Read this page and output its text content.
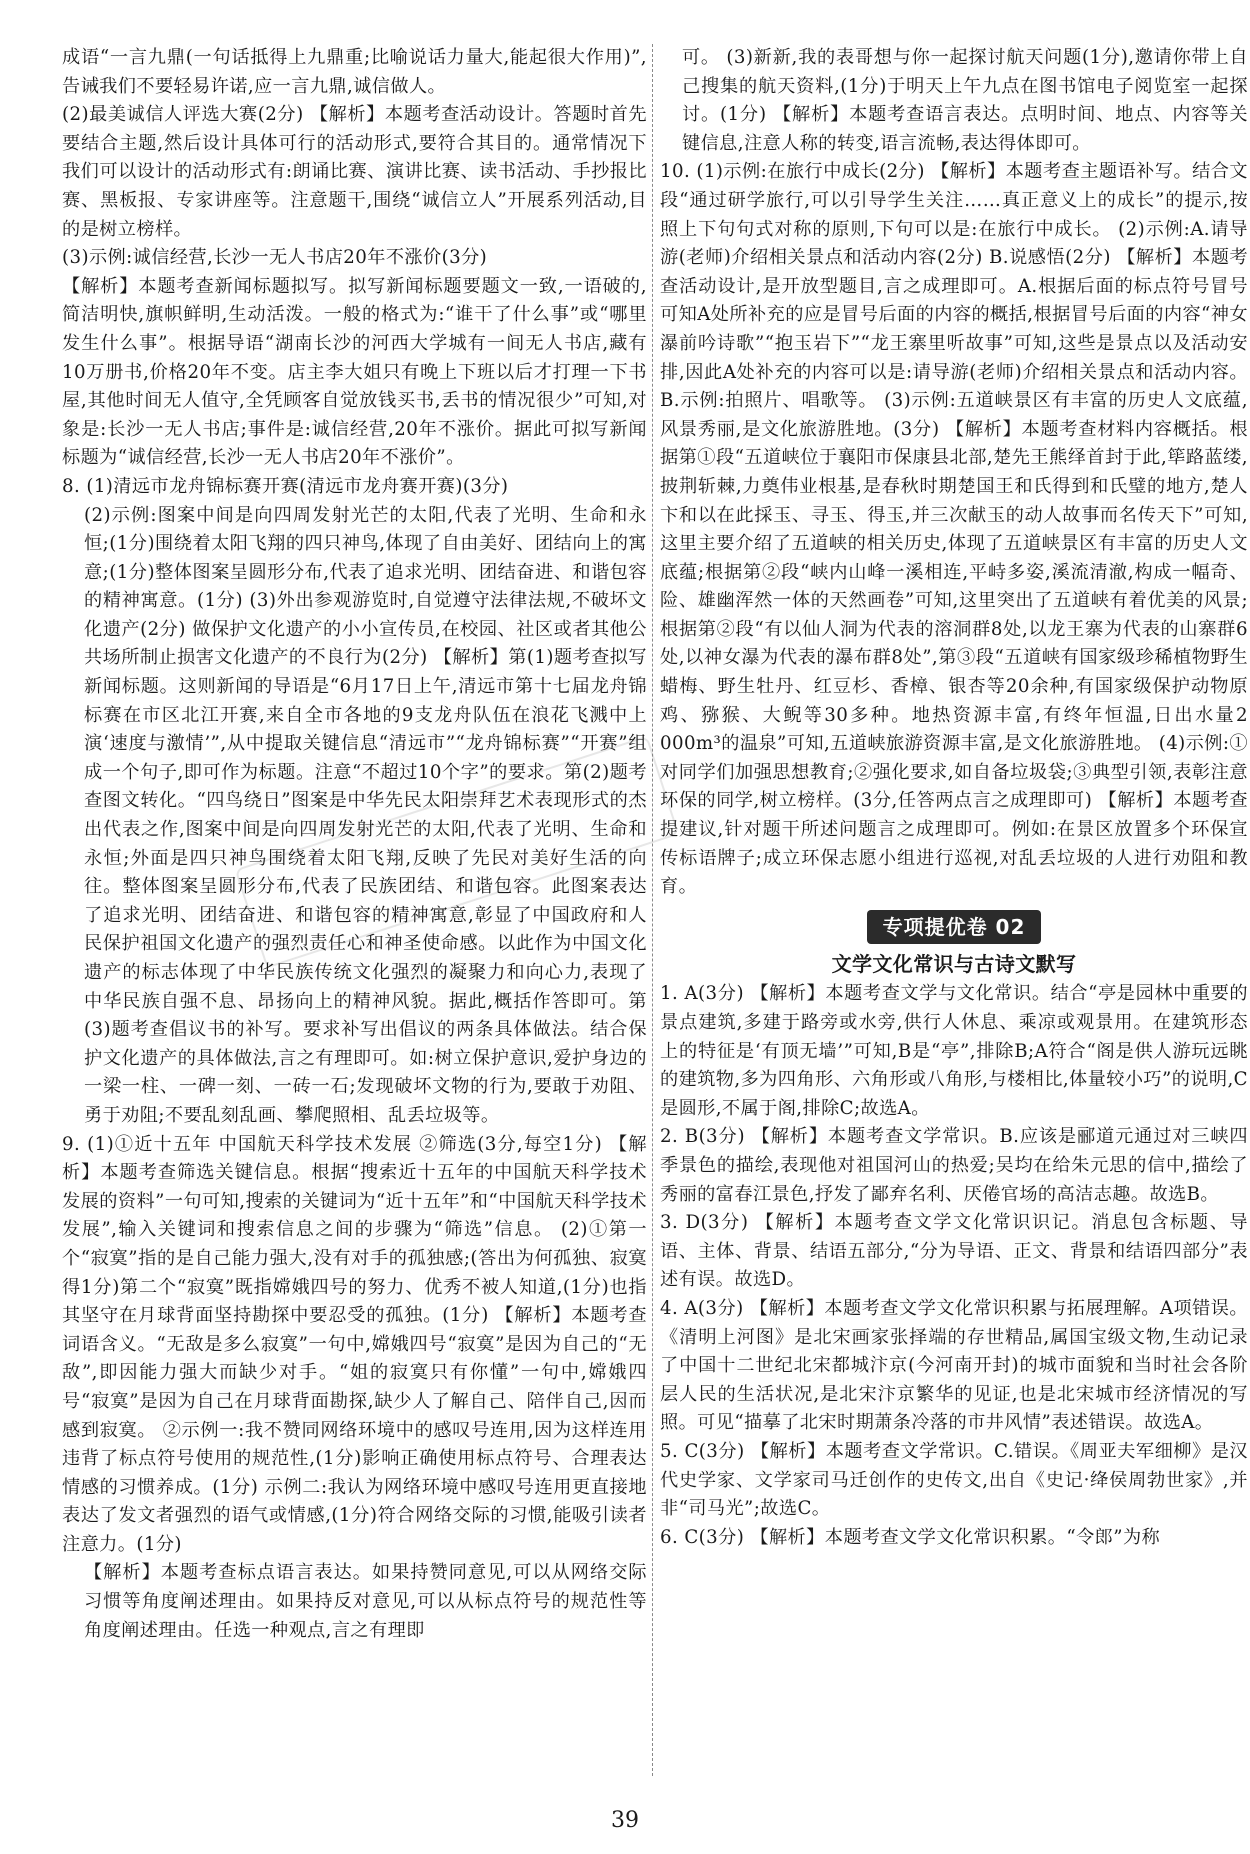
成语“一言九鼎(一句话抵得上九鼎重;比喻说话力量大,能起很大作用)”,告诫我们不要轻易许诺,应一言九鼎,诚信做人。

(2)最美诚信人评选大赛(2分) 【解析】本题考查活动设计。答题时首先要结合主题,然后设计具体可行的活动形式,要符合其目的。通常情况下我们可以设计的活动形式有:朗诵比赛、演讲比赛、读书活动、手抄报比赛、黑板报、专家讲座等。注意题干,围绕“诚信立人”开展系列活动,目的是树立榜样。

(3)示例:诚信经营,长沙一无人书店20年不涨价(3分)

【解析】本题考查新闻标题拟写。拟写新闻标题要题文一致,一语破的,简洁明快,旗帜鲜明,生动活泼。一般的格式为:“谁干了什么事”或“哪里发生什么事”。根据导语“湖南长沙的河西大学城有一间无人书店,藏有10万册书,价格20年不变。店主李大姐只有晚上下班以后才打理一下书屋,其他时间无人值守,全凭顾客自觉放钱买书,丢书的情况很少”可知,对象是:长沙一无人书店;事件是:诚信经营,20年不涨价。据此可拟写新闻标题为“诚信经营,长沙一无人书店20年不涨价”。

8. (1)清远市龙舟锦标赛开赛(清远市龙舟赛开赛)(3分)

(2)示例:图案中间是向四周发射光芒的太阳,代表了光明、生命和永恒;(1分)围绕着太阳飞翔的四只神鸟,体现了自由美好、团结向上的寓意;(1分)整体图案呈圆形分布,代表了追求光明、团结奋进、和谐包容的精神寓意。(1分) (3)外出参观游览时,自觉遵守法律法规,不破坏文化遗产(2分) 做保护文化遗产的小小宣传员,在校园、社区或者其他公共场所制止损害文化遗产的不良行为(2分) 【解析】第(1)题考查拟写新闻标题。这则新闻的导语是“6月17日上午,清远市第十七届龙舟锦标赛在市区北江开赛,来自全市各地的9支龙舟队伍在浪花飞溅中上演‘速度与激情’”,从中提取关键信息“清远市”“龙舟锦标赛”“开赛”组成一个句子,即可作为标题。注意“不超过10个字”的要求。第(2)题考查图文转化。“四鸟绕日”图案是中华先民太阳崇拜艺术表现形式的杰出代表之作,图案中间是向四周发射光芒的太阳,代表了光明、生命和永恒;外面是四只神鸟围绕着太阳飞翔,反映了先民对美好生活的向往。整体图案呈圆形分布,代表了民族团结、和谐包容。此图案表达了追求光明、团结奋进、和谐包容的精神寓意,彰显了中国政府和人民保护祖国文化遗产的强烈责任心和神圣使命感。以此作为中国文化遗产的标志体现了中华民族传统文化强烈的凝聚力和向心力,表现了中华民族自强不息、昂扬向上的精神风貌。据此,概括作答即可。第(3)题考查倡议书的补写。要求补写出倡议的两条具体做法。结合保护文化遗产的具体做法,言之有理即可。如:树立保护意识,爱护身边的一梁一柱、一碑一刻、一砖一石;发现破坏文物的行为,要敢于劝阻、勇于劝阻;不要乱刻乱画、攀爬照相、乱丢垃圾等。

9. (1)①近十五年 中国航天科学技术发展 ②筛选(3分,每空1分) 【解析】本题考查筛选关键信息。根据“搜索近十五年的中国航天科学技术发展的资料”一句可知,搜索的关键词为“近十五年”和“中国航天科学技术发展”,输入关键词和搜索信息之间的步骤为“筛选”信息。 (2)①第一个“寂寞”指的是自己能力强大,没有对手的孤独感;(答出为何孤独、寂寞得1分)第二个“寂寞”既指嫦娥四号的努力、优秀不被人知道,(1分)也指其坚守在月球背面坚持勘探中要忍受的孤独。(1分) 【解析】本题考查词语含义。“无敌是多么寂寞”一句中,嫦娥四号“寂寞”是因为自己的“无敌”,即因能力强大而缺少对手。“姐的寂寞只有你懂”一句中,嫦娥四号“寂寞”是因为自己在月球背面勘探,缺少人了解自己、陪伴自己,因而感到寂寞。 ②示例一:我不赞同网络环境中的感叹号连用,因为这样连用违背了标点符号使用的规范性,(1分)影响正确使用标点符号、合理表达情感的习惯养成。(1分) 示例二:我认为网络环境中感叹号连用更直接地表达了发文者强烈的语气或情感,(1分)符合网络交际的习惯,能吸引读者注意力。(1分)

【解析】本题考查标点语言表达。如果持赞同意见,可以从网络交际习惯等角度阐述理由。如果持反对意见,可以从标点符号的规范性等角度阐述理由。任选一种观点,言之有理即

可。 (3)新新,我的表哥想与你一起探讨航天问题(1分),邀请你带上自己搜集的航天资料,(1分)于明天上午九点在图书馆电子阅览室一起探讨。(1分) 【解析】本题考查语言表达。点明时间、地点、内容等关键信息,注意人称的转变,语言流畅,表达得体即可。

10. (1)示例:在旅行中成长(2分) 【解析】本题考查主题语补写。结合文段“通过研学旅行,可以引导学生关注……真正意义上的成长”的提示,按照上下句句式对称的原则,下句可以是:在旅行中成长。 (2)示例:A.请导游(老师)介绍相关景点和活动内容(2分) B.说感悟(2分) 【解析】本题考查活动设计,是开放型题目,言之成理即可。A.根据后面的标点符号冒号可知A处所补充的应是冒号后面的内容的概括,根据冒号后面的内容“神女瀑前吟诗歌”“抱玉岩下”“龙王寨里听故事”可知,这些是景点以及活动安排,因此A处补充的内容可以是:请导游(老师)介绍相关景点和活动内容。B.示例:拍照片、唱歌等。 (3)示例:五道峡景区有丰富的历史人文底蕴,风景秀丽,是文化旅游胜地。(3分) 【解析】本题考查材料内容概括。根据第①段“五道峡位于襄阳市保康县北部,楚先王熊绎首封于此,筚路蓝缕,披荆斩棘,力奠伟业根基,是春秋时期楚国王和氏得到和氏璧的地方,楚人卞和以在此採玉、寻玉、得玉,并三次献玉的动人故事而名传天下”可知,这里主要介绍了五道峡的相关历史,体现了五道峡景区有丰富的历史人文底蕴;根据第②段“峡内山峰一溪相连,平峙多姿,溪流清澈,构成一幅奇、险、雄幽浑然一体的天然画卷”可知,这里突出了五道峡有着优美的风景;根据第②段“有以仙人洞为代表的溶洞群8处,以龙王寨为代表的山寨群6处,以神女瀑为代表的瀑布群8处”,第③段“五道峡有国家级珍稀植物野生蜡梅、野生牡丹、红豆杉、香樟、银杏等20余种,有国家级保护动物原鸡、猕猴、大鲵等30多种。地热资源丰富,有终年恒温,日出水量2 000m³的温泉”可知,五道峡旅游资源丰富,是文化旅游胜地。 (4)示例:①对同学们加强思想教育;②强化要求,如自备垃圾袋;③典型引领,表彰注意环保的同学,树立榜样。(3分,任答两点言之成理即可) 【解析】本题考查提建议,针对题干所述问题言之成理即可。例如:在景区放置多个环保宣传标语牌子;成立环保志愿小组进行巡视,对乱丢垃圾的人进行劝阻和教育。

专项提优卷 02
文学文化常识与古诗文默写

1. A(3分) 【解析】本题考查文学与文化常识。结合“亭是园林中重要的景点建筑,多建于路旁或水旁,供行人休息、乘凉或观景用。在建筑形态上的特征是‘有顶无墙’”可知,B是“亭”,排除B;A符合“阁是供人游玩远眺的建筑物,多为四角形、六角形或八角形,与楼相比,体量较小巧”的说明,C是圆形,不属于阁,排除C;故选A。

2. B(3分) 【解析】本题考查文学常识。B.应该是郦道元通过对三峡四季景色的描绘,表现他对祖国河山的热爱;吴均在给朱元思的信中,描绘了秀丽的富春江景色,抒发了鄙弃名利、厌倦官场的高洁志趣。故选B。

3. D(3分) 【解析】本题考查文学文化常识识记。消息包含标题、导语、主体、背景、结语五部分,“分为导语、正文、背景和结语四部分”表述有误。故选D。

4. A(3分) 【解析】本题考查文学文化常识积累与拓展理解。A项错误。《清明上河图》是北宋画家张择端的存世精品,属国宝级文物,生动记录了中国十二世纪北宋都城汴京(今河南开封)的城市面貌和当时社会各阶层人民的生活状况,是北宋汴京繁华的见证,也是北宋城市经济情况的写照。可见“描摹了北宋时期萧条冷落的市井风情”表述错误。故选A。

5. C(3分) 【解析】本题考查文学常识。C.错误。《周亚夫军细柳》是汉代史学家、文学家司马迁创作的史传文,出自《史记·绛侯周勃世家》,并非“司马光”;故选C。

6. C(3分) 【解析】本题考查文学文化常识积累。“令郎”为称

39
